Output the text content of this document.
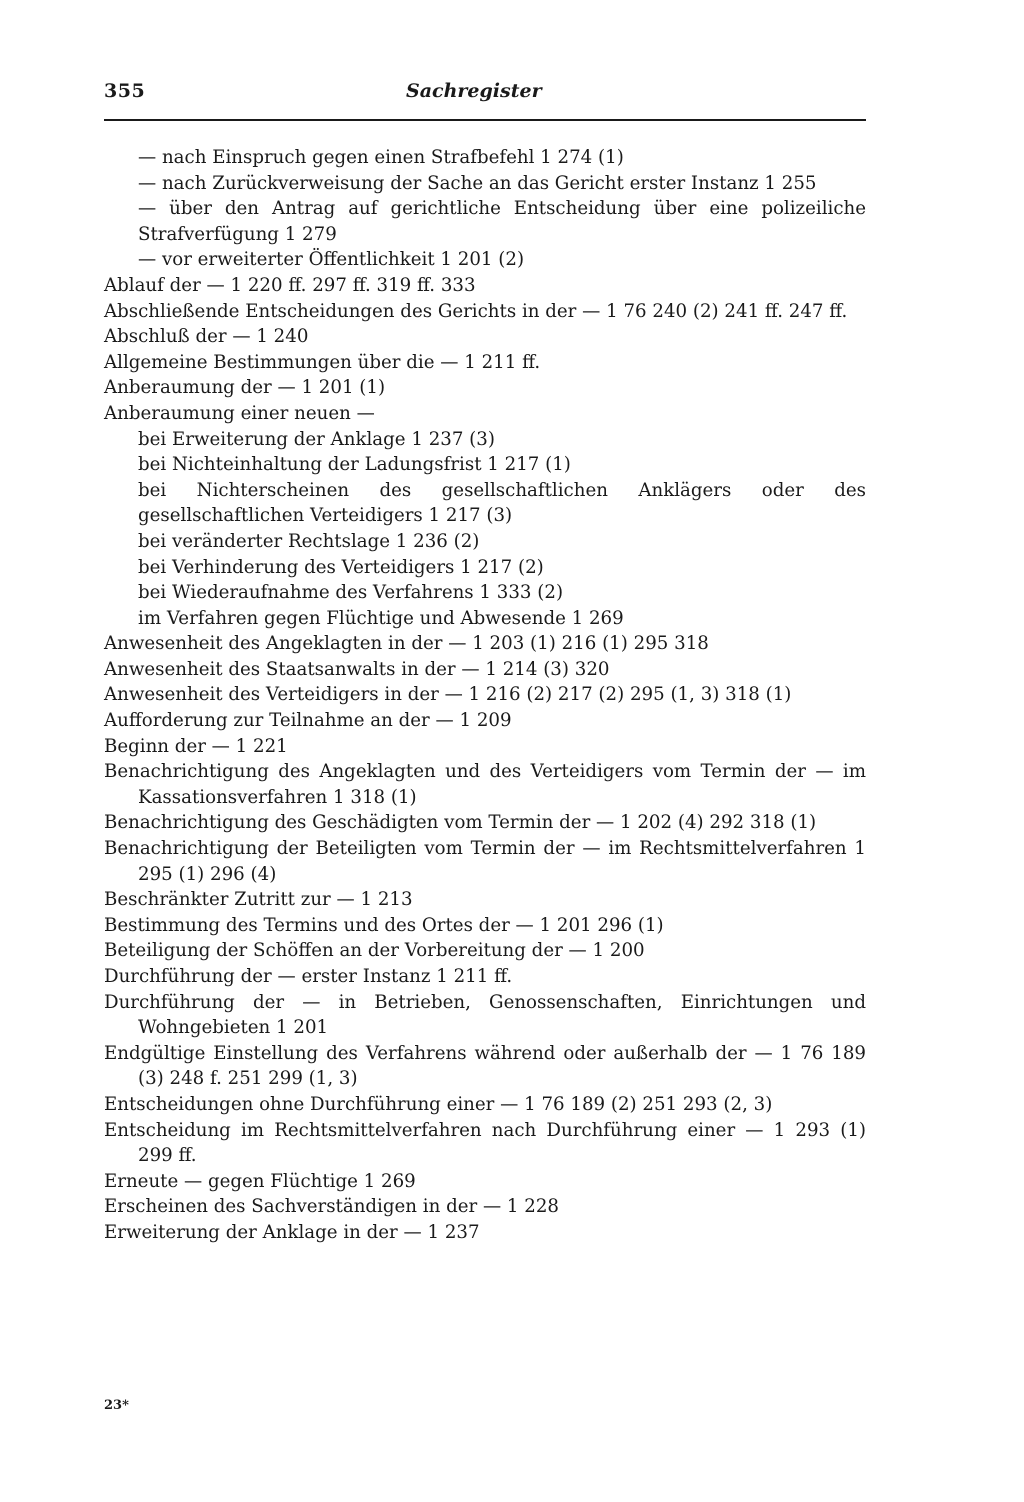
355	Sachregister
— nach Einspruch gegen einen Strafbefehl 1 274 (1)
— nach Zurückverweisung der Sache an das Gericht erster Instanz 1 255
— über den Antrag auf gerichtliche Entscheidung über eine polizeiliche Strafverfügung 1 279
— vor erweiterter Öffentlichkeit 1 201 (2)
Ablauf der — 1 220 ff. 297 ff. 319 ff. 333
Abschließende Entscheidungen des Gerichts in der — 1 76 240 (2) 241 ff. 247 ff.
Abschluß der — 1 240
Allgemeine Bestimmungen über die — 1 211 ff.
Anberaumung der — 1 201 (1)
Anberaumung einer neuen —
bei Erweiterung der Anklage 1 237 (3)
bei Nichteinhaltung der Ladungsfrist 1 217 (1)
bei Nichterscheinen des gesellschaftlichen Anklägers oder des gesellschaftlichen Verteidigers 1 217 (3)
bei veränderter Rechtslage 1 236 (2)
bei Verhinderung des Verteidigers 1 217 (2)
bei Wiederaufnahme des Verfahrens 1 333 (2)
im Verfahren gegen Flüchtige und Abwesende 1 269
Anwesenheit des Angeklagten in der — 1 203 (1) 216 (1) 295 318
Anwesenheit des Staatsanwalts in der — 1 214 (3) 320
Anwesenheit des Verteidigers in der — 1 216 (2) 217 (2) 295 (1, 3) 318 (1)
Aufforderung zur Teilnahme an der — 1 209
Beginn der — 1 221
Benachrichtigung des Angeklagten und des Verteidigers vom Termin der — im Kassationsverfahren 1 318 (1)
Benachrichtigung des Geschädigten vom Termin der — 1 202 (4) 292 318 (1)
Benachrichtigung der Beteiligten vom Termin der — im Rechtsmittelverfahren 1 295 (1) 296 (4)
Beschränkter Zutritt zur — 1 213
Bestimmung des Termins und des Ortes der — 1 201 296 (1)
Beteiligung der Schöffen an der Vorbereitung der — 1 200
Durchführung der — erster Instanz 1 211 ff.
Durchführung der — in Betrieben, Genossenschaften, Einrichtungen und Wohngebieten 1 201
Endgültige Einstellung des Verfahrens während oder außerhalb der — 1 76 189 (3) 248 f. 251 299 (1, 3)
Entscheidungen ohne Durchführung einer — 1 76 189 (2) 251 293 (2, 3)
Entscheidung im Rechtsmittelverfahren nach Durchführung einer — 1 293 (1) 299 ff.
Erneute — gegen Flüchtige 1 269
Erscheinen des Sachverständigen in der — 1 228
Erweiterung der Anklage in der — 1 237
23*
